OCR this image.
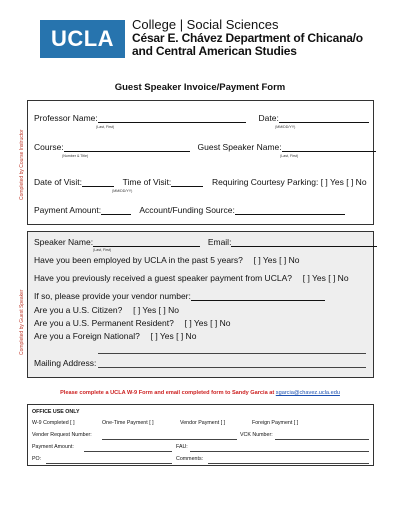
UCLA
College | Social Sciences
César E. Chávez Department of Chicana/o
and Central American Studies
Guest Speaker Invoice/Payment Form
Completed by Course Instructor
Professor Name:	Date:
(Last, First)	(MM/DD/YY)
Course:	Guest Speaker Name:
(Number & Title)	(Last, First)
Date of Visit:	Time of Visit:	Requiring Courtesy Parking: [ ] Yes [ ] No
(MM/DD/YY)
Payment Amount:	Account/Funding Source:
Completed by Guest Speaker
Speaker Name:	Email:
(Last, First)
Have you been employed by UCLA in the past 5 years? [ ] Yes [ ] No
Have you previously received a guest speaker payment from UCLA? [ ] Yes [ ] No
If so, please provide your vendor number:
Are you a U.S. Citizen? [ ] Yes [ ] No
Are you a U.S. Permanent Resident? [ ] Yes [ ] No
Are you a Foreign National? [ ] Yes [ ] No
Mailing Address:
Please complete a UCLA W-9 Form and email completed form to Sandy Garcia at sgarcia@chavez.ucla.edu
OFFICE USE ONLY
W-9 Completed [ ]	One-Time Payment [ ]	Vendor Payment [ ]	Foreign Payment [ ]
Vender Request Number:	VCK Number:
Payment Amount:	FAU:
PO:	Comments:
